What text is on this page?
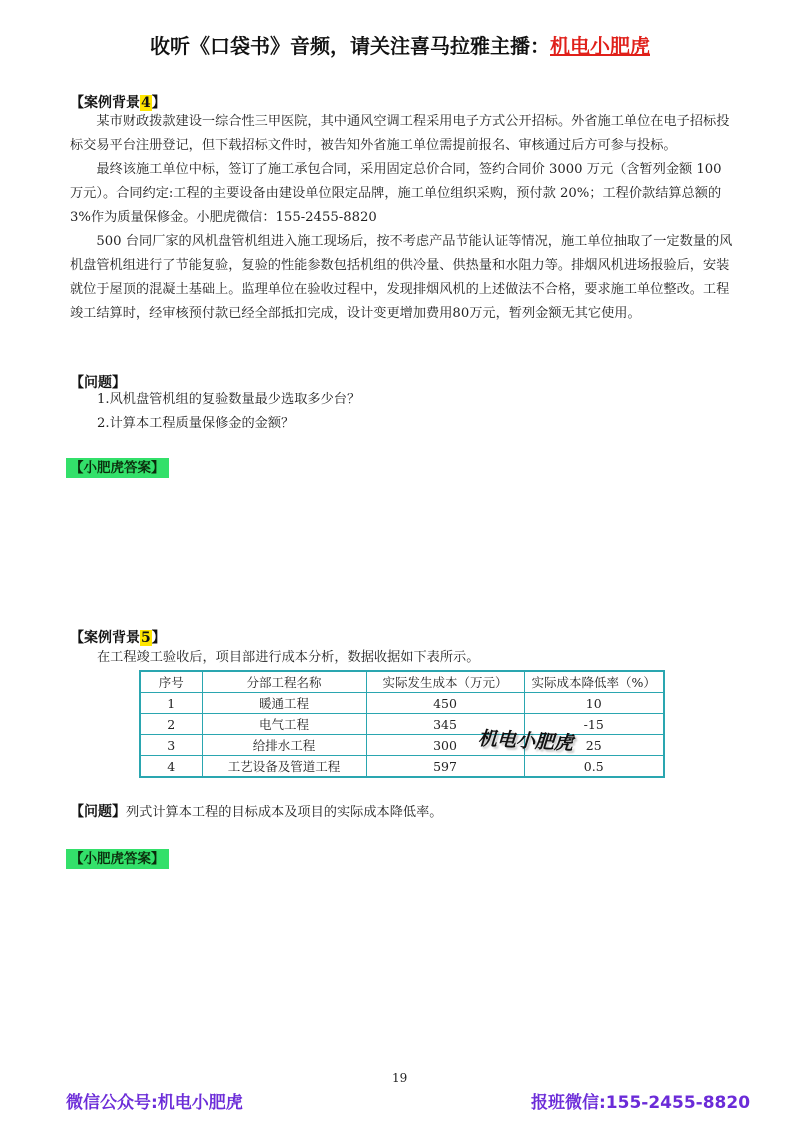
收听《口袋书》音频，请关注喜马拉雅主播：机电小肥虎
【案例背景4】

某市财政拨款建设一综合性三甲医院，其中通风空调工程采用电子方式公开招标。外省施工单位在电子招标投标交易平台注册登记，但下载招标文件时，被告知外省施工单位需提前报名、审核通过后方可参与投标。

最终该施工单位中标，签订了施工承包合同，采用固定总价合同，签约合同价 3000 万元（含暂列金额 100 万元）。合同约定:工程的主要设备由建设单位限定品牌，施工单位组织采购，预付款 20%；工程价款结算总额的 3%作为质量保修金。小肥虎微信：155-2455-8820

500 台同厂家的风机盘管机组进入施工现场后，按不考虑产品节能认证等情况，施工单位抽取了一定数量的风机盘管机组进行了节能复验，复验的性能参数包括机组的供冷量、供热量和水阻力等。排烟风机进场报验后，安装就位于屋顶的混凝土基础上。监理单位在验收过程中，发现排烟风机的上述做法不合格，要求施工单位整改。工程竣工结算时，经审核预付款已经全部抵扣完成，设计变更增加费用80万元，暂列金额无其它使用。

【问题】
1.风机盘管机组的复验数量最少选取多少台？
2.计算本工程质量保修金的金额？
【小肥虎答案】
【案例背景5】
在工程竣工验收后，项目部进行成本分析，数据收据如下表所示。
序号	分部工程名称	实际发生成本（万元）	实际成本降低率（%）
1	暖通工程	450	10
2	电气工程	345	-15
3	给排水工程	300	25
4	工艺设备及管道工程	597	0.5
机电小肥虎
【问题】列式计算本工程的目标成本及项目的实际成本降低率。
【小肥虎答案】
19
微信公众号:机电小肥虎	报班微信:155-2455-8820
